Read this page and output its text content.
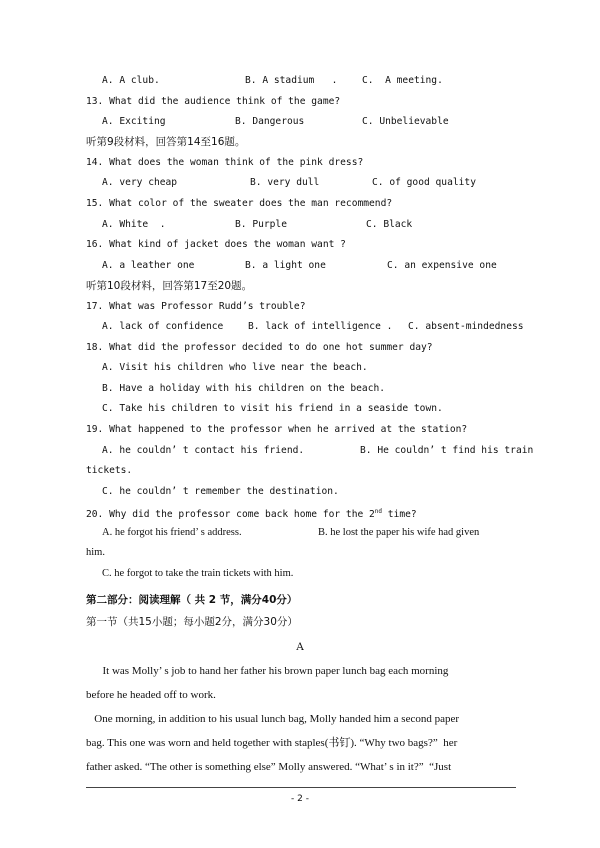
A. A club.	B. A stadium   .	C.  A meeting.
13. What did the audience think of the game?
A. Exciting	B. Dangerous	C. Unbelievable
听第9段材料，回答第14至16题。
14. What does the woman think of the pink dress?
A. very cheap	B. very dull	C. of good quality
15. What color of the sweater does the man recommend?
A. White  .	B. Purple	C. Black
16. What kind of jacket does the woman want ?
A. a leather one	B. a light one	C. an expensive one
听第10段材料，回答第17至20题。
17. What was Professor Rudd’s trouble?
A. lack of confidence	B. lack of intelligence . C. absent-mindedness
18. What did the professor decided to do one hot summer day?
A. Visit his children who live near the beach.
B. Have a holiday with his children on the beach.
C. Take his children to visit his friend in a seaside town.
19. What happened to the professor when he arrived at the station?
A. he couldn’ t contact his friend.	B. He couldn’ t find his train
tickets.
C. he couldn’ t remember the destination.
20. Why did the professor come back home for the 2nd time?
A. he forgot his friend’ s address.	B. he lost the paper his wife had given
him.
C. he forgot to take the train tickets with him.
第二部分：阅读理解（ 共 2 节，满分40分）
第一节（共15小题；每小题2分，满分30分）
A
It was Molly’ s job to hand her father his brown paper lunch bag each morning
before he headed off to work.
One morning, in addition to his usual lunch bag, Molly handed him a second paper
bag. This one was worn and held together with staples(书钉). “Why two bags?”  her
father asked. “The other is something else” Molly answered. “What’ s in it?”  “Just
- 2 -
